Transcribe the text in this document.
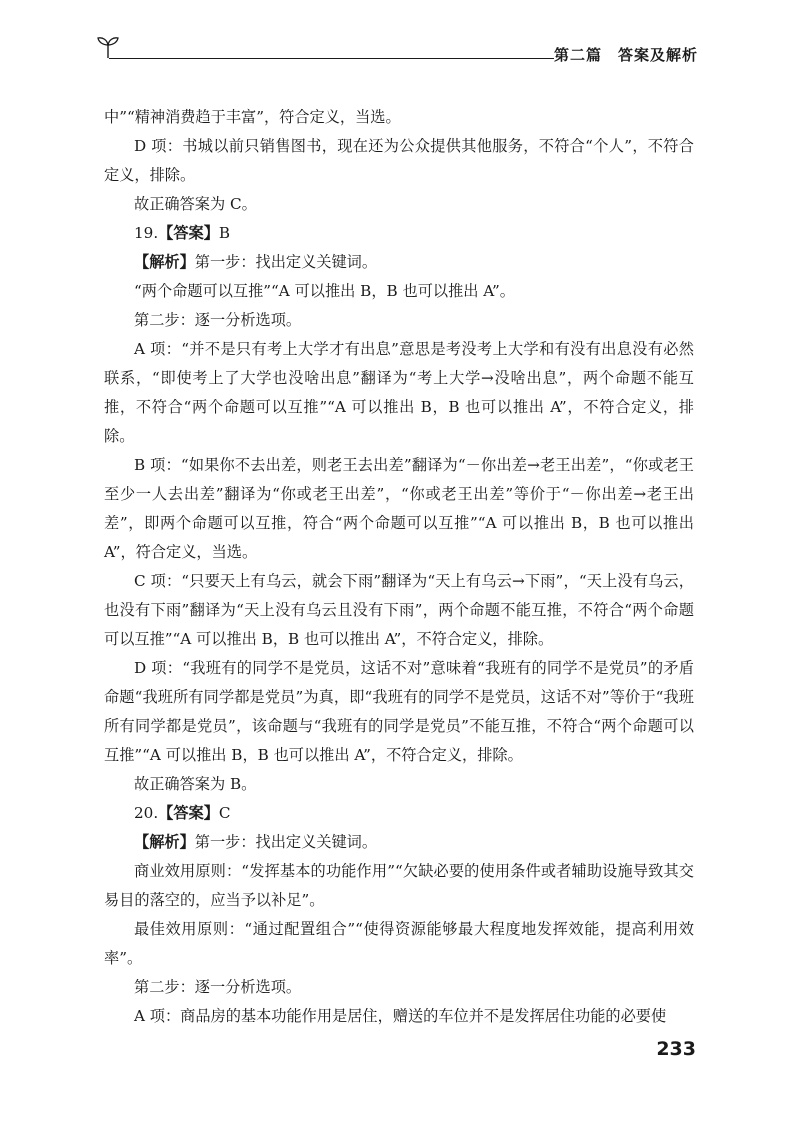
第二篇　答案及解析

中”“精神消费趋于丰富”，符合定义，当选。

D 项：书城以前只销售图书，现在还为公众提供其他服务，不符合“个人”，不符合定义，排除。

故正确答案为 C。

19.【答案】B

【解析】第一步：找出定义关键词。

“两个命题可以互推”“A 可以推出 B，B 也可以推出 A”。

第二步：逐一分析选项。

A 项：“并不是只有考上大学才有出息”意思是考没考上大学和有没有出息没有必然联系，“即使考上了大学也没啥出息”翻译为“考上大学→没啥出息”，两个命题不能互推，不符合“两个命题可以互推”“A 可以推出 B，B 也可以推出 A”，不符合定义，排除。

B 项：“如果你不去出差，则老王去出差”翻译为“－你出差→老王出差”，“你或老王至少一人去出差”翻译为“你或老王出差”，“你或老王出差”等价于“－你出差→老王出差”，即两个命题可以互推，符合“两个命题可以互推”“A 可以推出 B，B 也可以推出 A”，符合定义，当选。

C 项：“只要天上有乌云，就会下雨”翻译为“天上有乌云→下雨”，“天上没有乌云，也没有下雨”翻译为“天上没有乌云且没有下雨”，两个命题不能互推，不符合“两个命题可以互推”“A 可以推出 B，B 也可以推出 A”，不符合定义，排除。

D 项：“我班有的同学不是党员，这话不对”意味着“我班有的同学不是党员”的矛盾命题“我班所有同学都是党员”为真，即“我班有的同学不是党员，这话不对”等价于“我班所有同学都是党员”，该命题与“我班有的同学是党员”不能互推，不符合“两个命题可以互推”“A 可以推出 B，B 也可以推出 A”，不符合定义，排除。

故正确答案为 B。

20.【答案】C

【解析】第一步：找出定义关键词。

商业效用原则：“发挥基本的功能作用”“欠缺必要的使用条件或者辅助设施导致其交易目的落空的，应当予以补足”。

最佳效用原则：“通过配置组合”“使得资源能够最大程度地发挥效能，提高利用效率”。

第二步：逐一分析选项。

A 项：商品房的基本功能作用是居住，赠送的车位并不是发挥居住功能的必要使

233
